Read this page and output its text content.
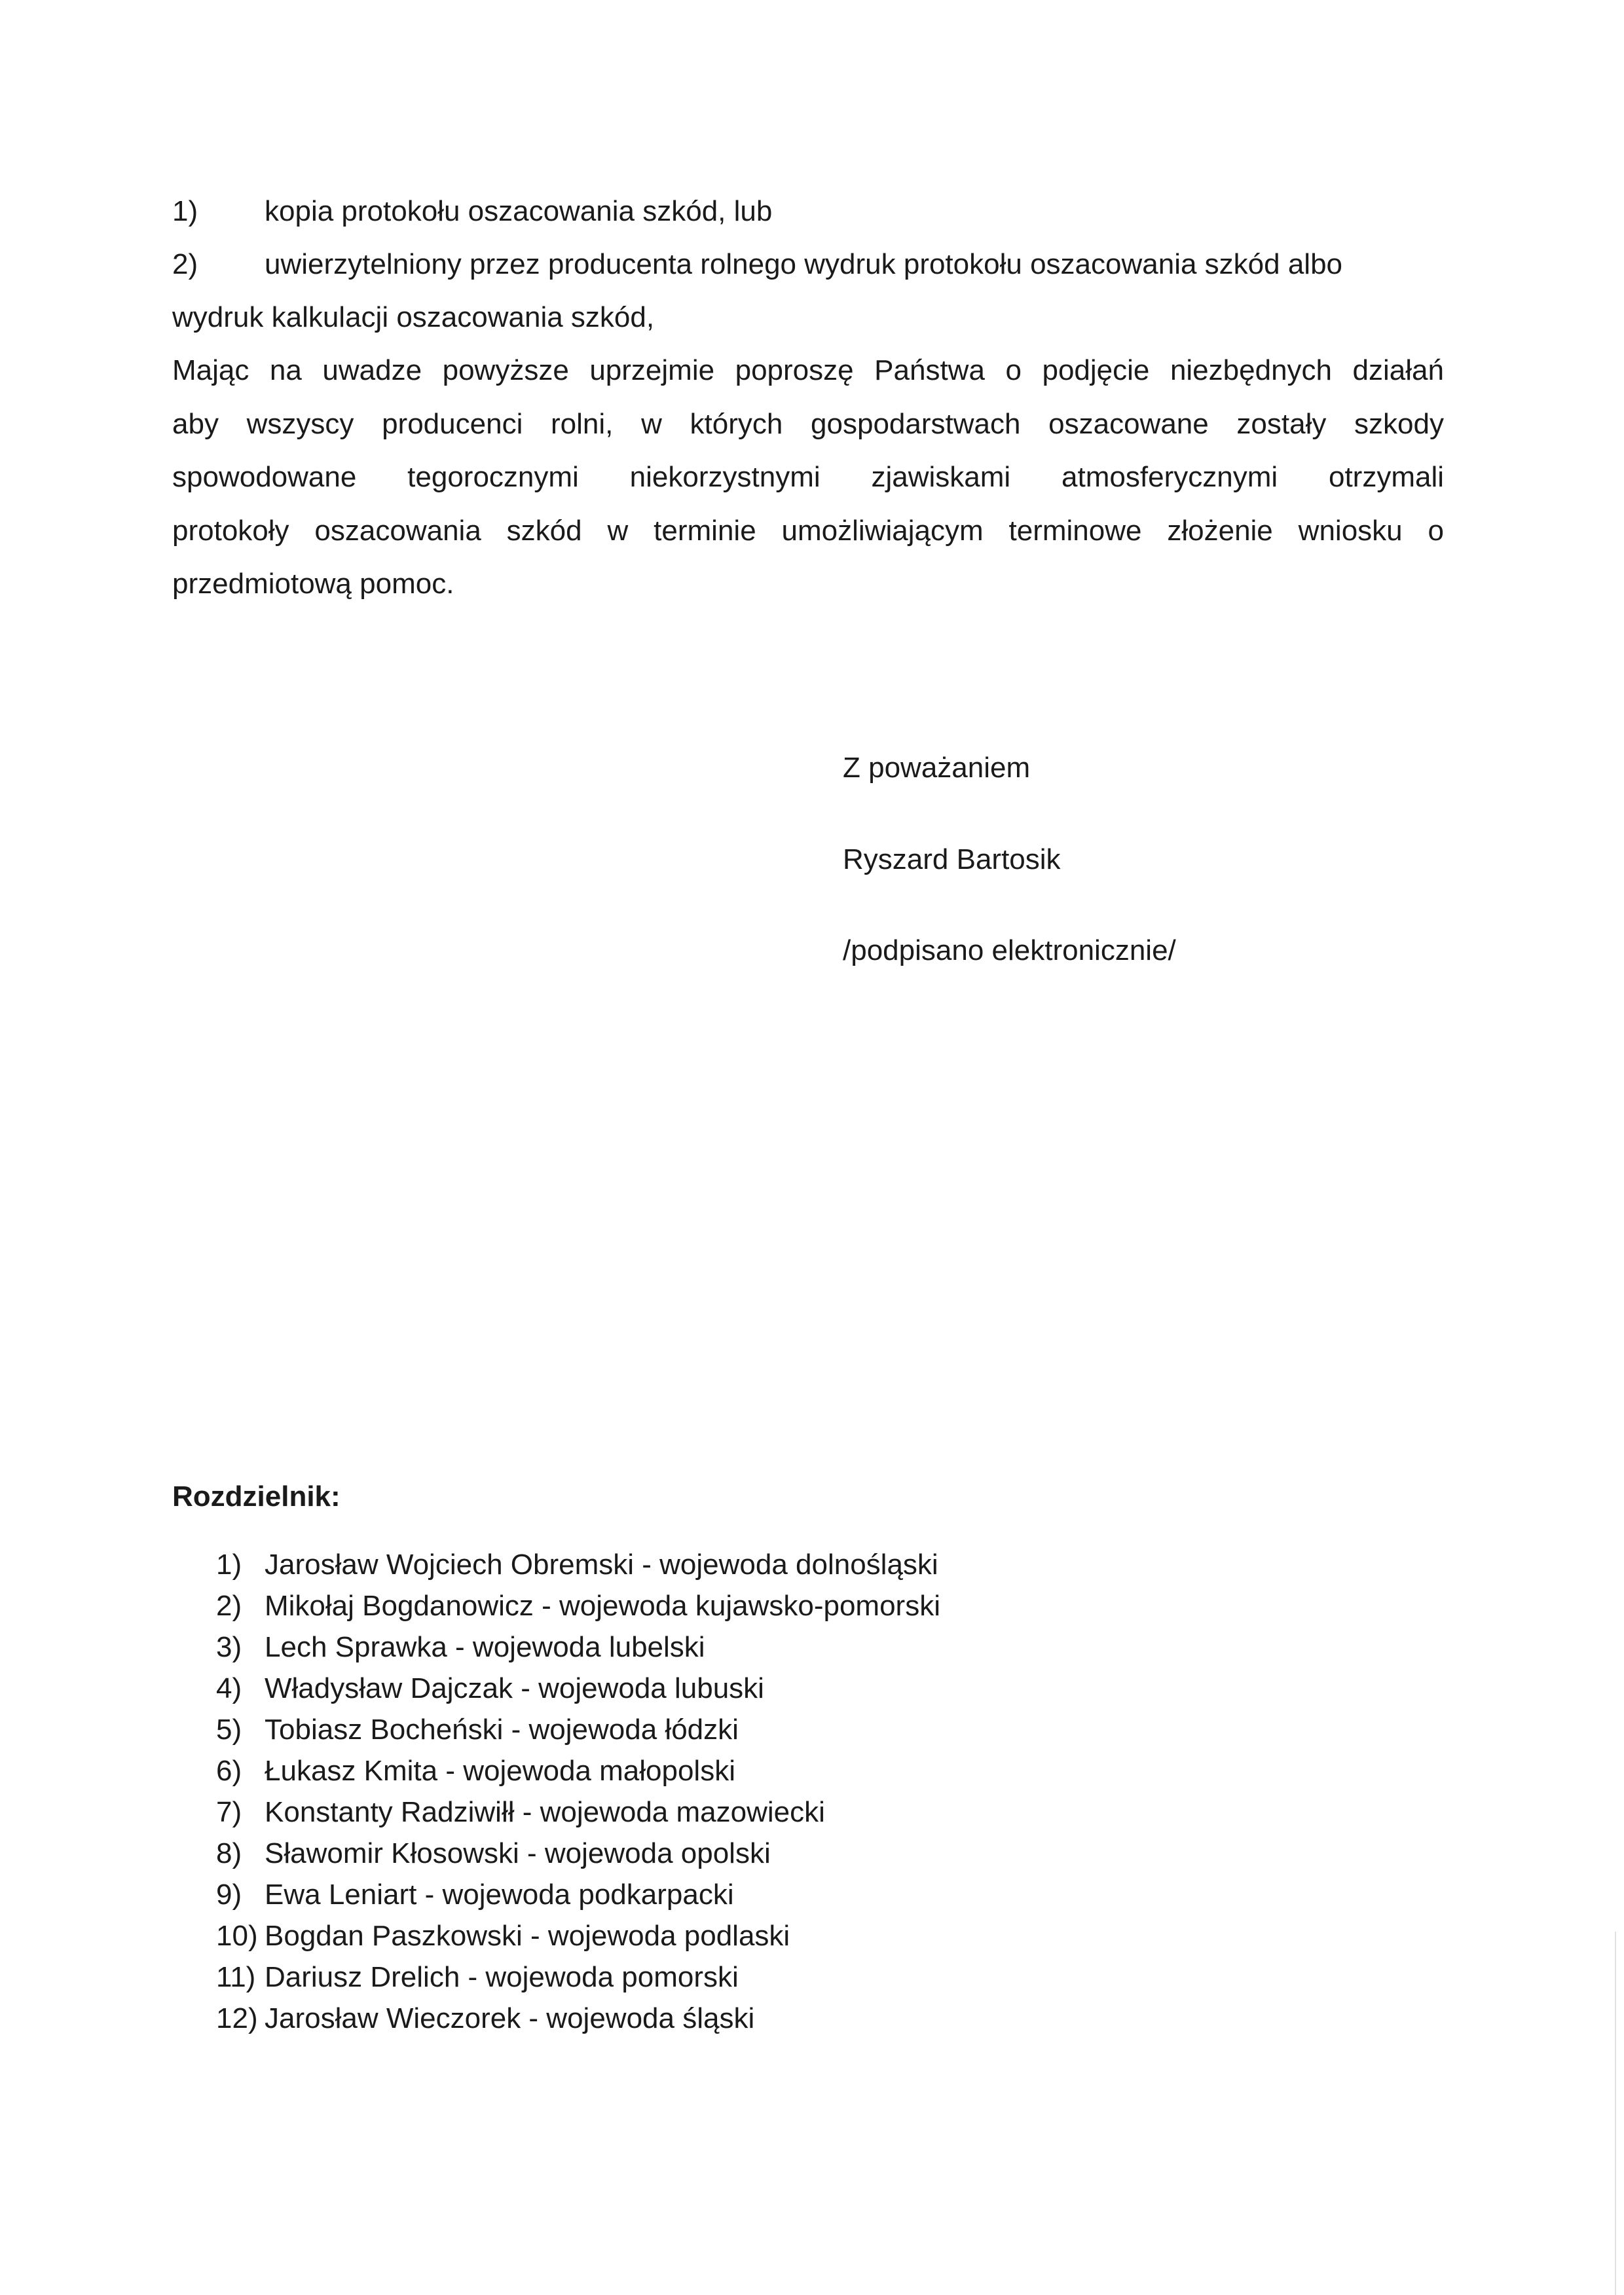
1) kopia protokołu oszacowania szkód, lub
2) uwierzytelniony przez producenta rolnego wydruk protokołu oszacowania szkód albo
wydruk kalkulacji oszacowania szkód,
Mając na uwadze powyższe uprzejmie poproszę Państwa o podjęcie niezbędnych działań
aby wszyscy producenci rolni, w których gospodarstwach oszacowane zostały szkody
spowodowane tegorocznymi niekorzystnymi zjawiskami atmosferycznymi otrzymali
protokoły oszacowania szkód w terminie umożliwiającym terminowe złożenie wniosku o
przedmiotową pomoc.
Z poważaniem
Ryszard Bartosik
/podpisano elektronicznie/
Rozdzielnik:
1) Jarosław Wojciech Obremski - wojewoda dolnośląski
2) Mikołaj Bogdanowicz - wojewoda kujawsko-pomorski
3) Lech Sprawka - wojewoda lubelski
4) Władysław Dajczak - wojewoda lubuski
5) Tobiasz Bocheński - wojewoda łódzki
6) Łukasz Kmita - wojewoda małopolski
7) Konstanty Radziwiłł - wojewoda mazowiecki
8) Sławomir Kłosowski - wojewoda opolski
9) Ewa Leniart - wojewoda podkarpacki
10) Bogdan Paszkowski - wojewoda podlaski
11) Dariusz Drelich - wojewoda pomorski
12) Jarosław Wieczorek - wojewoda śląski
